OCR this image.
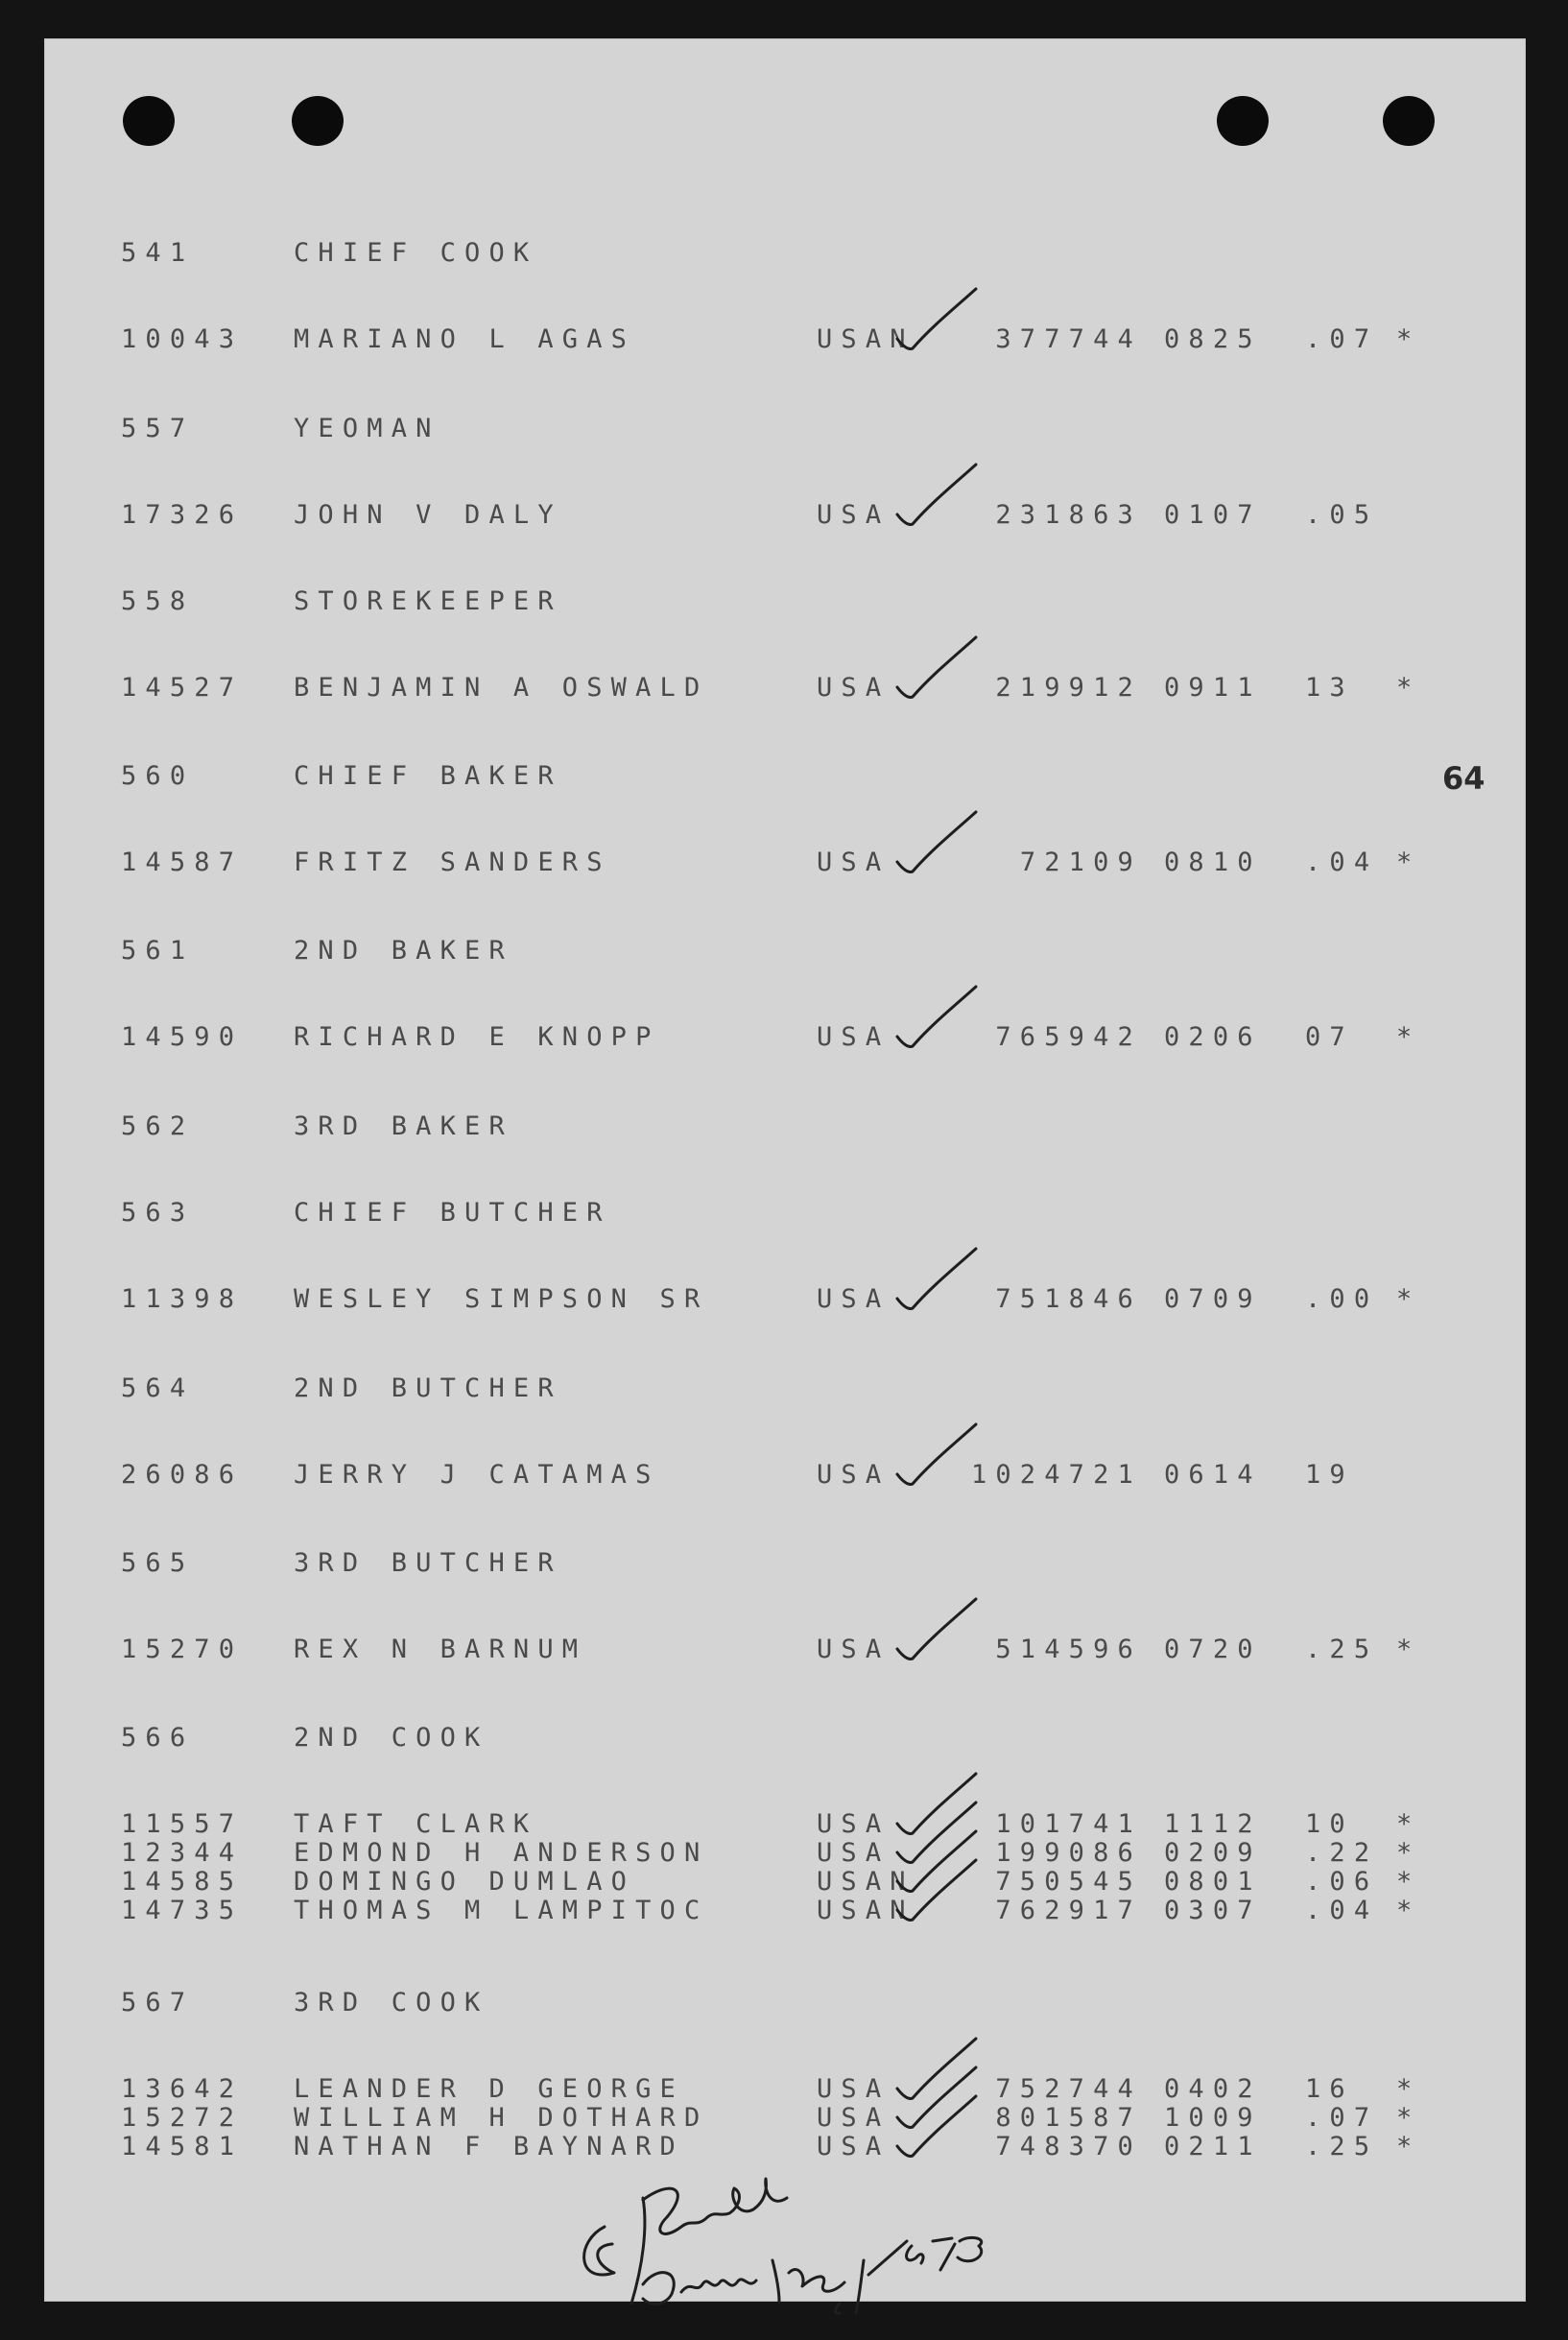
541	CHIEF COOK
10043 MARIANO L AGAS	USAN	377744 0825 .07 *
557	YEOMAN
17326 JOHN V DALY	USA	231863 0107 .05
558	STOREKEEPER
14527 BENJAMIN A OSWALD	USA	219912 0911 13 *
560	CHIEF BAKER
14587 FRITZ SANDERS	USA	72109 0810 .04 *
561	2ND BAKER
14590 RICHARD E KNOPP	USA	765942 0206 07 *
562	3RD BAKER
563	CHIEF BUTCHER
11398 WESLEY SIMPSON SR	USA	751846 0709 .00 *
564	2ND BUTCHER
26086 JERRY J CATAMAS	USA	1024721 0614 19
565	3RD BUTCHER
15270 REX N BARNUM	USA	514596 0720 .25 *
566	2ND COOK
11557 TAFT CLARK	USA	101741 1112 10 *
12344 EDMOND H ANDERSON	USA	199086 0209 .22 *
14585 DOMINGO DUMLAO	USAN	750545 0801 .06 *
14735 THOMAS M LAMPITOC	USAN	762917 0307 .04 *
567	3RD COOK
13642 LEANDER D GEORGE	USA	752744 0402 16 *
15272 WILLIAM H DOTHARD	USA	801587 1009 .07 *
14581 NATHAN F BAYNARD	USA	748370 0211 .25 *
64
